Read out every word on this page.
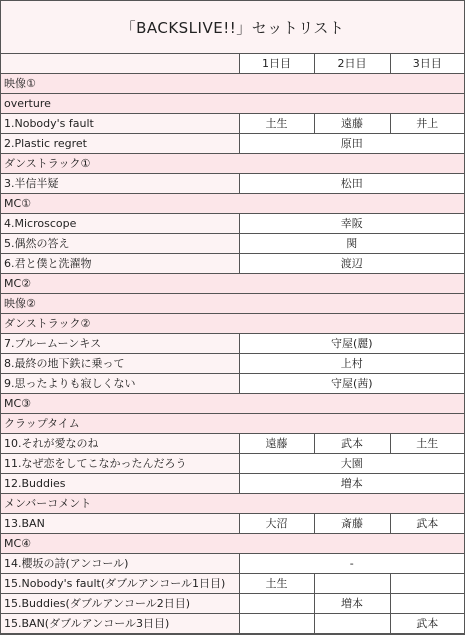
「BACKSLIVE!!」セットリスト
	1日目	2日目	3日目
映像①			
overture			
1.Nobody's fault	土生	遠藤	井上
2.Plastic regret	原田		
ダンストラック①			
3.半信半疑	松田		
MC①			
4.Microscope	幸阪		
5.偶然の答え	関		
6.君と僕と洗濯物	渡辺		
MC②			
映像②			
ダンストラック②			
7.ブルームーンキス	守屋(麗)		
8.最終の地下鉄に乗って	上村		
9.思ったよりも寂しくない	守屋(茜)		
MC③			
クラップタイム			
10.それが愛なのね	遠藤	武本	土生
11.なぜ恋をしてこなかったんだろう	大園		
12.Buddies	増本		
メンバーコメント			
13.BAN	大沼	斎藤	武本
MC④			
14.櫻坂の詩(アンコール)	-		
15.Nobody's fault(ダブルアンコール1日目)	土生		
15.Buddies(ダブルアンコール2日目)		増本	
15.BAN(ダブルアンコール3日目)			武本
